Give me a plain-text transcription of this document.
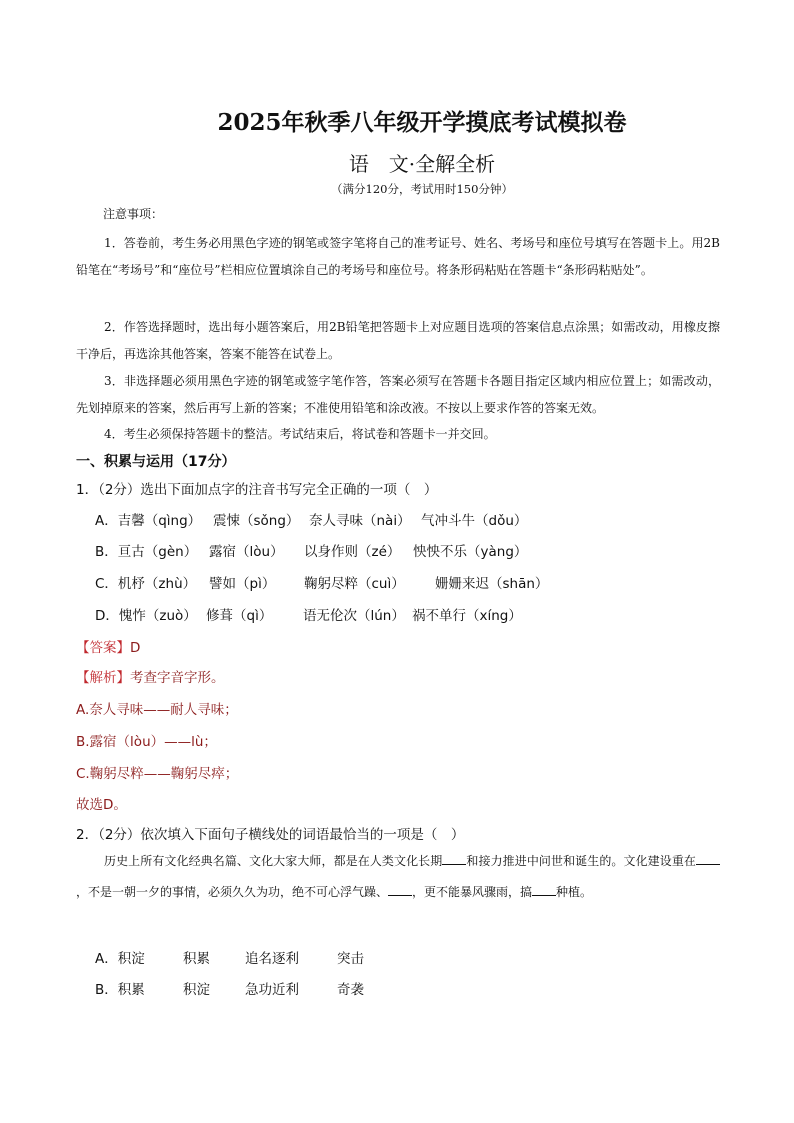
2025年秋季八年级开学摸底考试模拟卷
语　文·全解全析
（满分120分，考试用时150分钟）
注意事项：
1．答卷前，考生务必用黑色字迹的钢笔或签字笔将自己的准考证号、姓名、考场号和座位号填写在答题卡上。用2B铅笔在“考场号”和“座位号”栏相应位置填涂自己的考场号和座位号。将条形码粘贴在答题卡“条形码粘贴处”。
2．作答选择题时，选出每小题答案后，用2B铅笔把答题卡上对应题目选项的答案信息点涂黑；如需改动，用橡皮擦干净后，再选涂其他答案，答案不能答在试卷上。
3．非选择题必须用黑色字迹的钢笔或签字笔作答，答案必须写在答题卡各题目指定区域内相应位置上；如需改动，先划掉原来的答案，然后再写上新的答案；不准使用铅笔和涂改液。不按以上要求作答的答案无效。
4．考生必须保持答题卡的整洁。考试结束后，将试卷和答题卡一并交回。
一、积累与运用（17分）
1．（2分）选出下面加点字的注音书写完全正确的一项（　）
A．吉馨（qìng） 震悚（sǒng） 奈人寻味（nài） 气冲斗牛（dǒu）
B．亘古（gèn） 露宿（lòu） 以身作则（zé） 怏怏不乐（yàng）
C．机杼（zhù） 譬如（pì） 鞠躬尽粹（cuì） 姗姗来迟（shān）
D．愧怍（zuò） 修葺（qì） 语无伦次（lún） 祸不单行（xíng）
【答案】D
【解析】考查字音字形。
A.奈人寻味——耐人寻味；
B.露宿（lòu）——lù；
C.鞠躬尽粹——鞠躬尽瘁；
故选D。
2．（2分）依次填入下面句子横线处的词语最恰当的一项是（　）
历史上所有文化经典名篇、文化大家大师，都是在人类文化长期 和接力推进中问世和诞生的。文化建设重在，不是一朝一夕的事情，必须久久为功，绝不可心浮气躁、 ，更不能暴风骤雨，搞 种植。
A．积淀	积累	追名逐利	突击
B．积累	积淀	急功近利	奇袭
